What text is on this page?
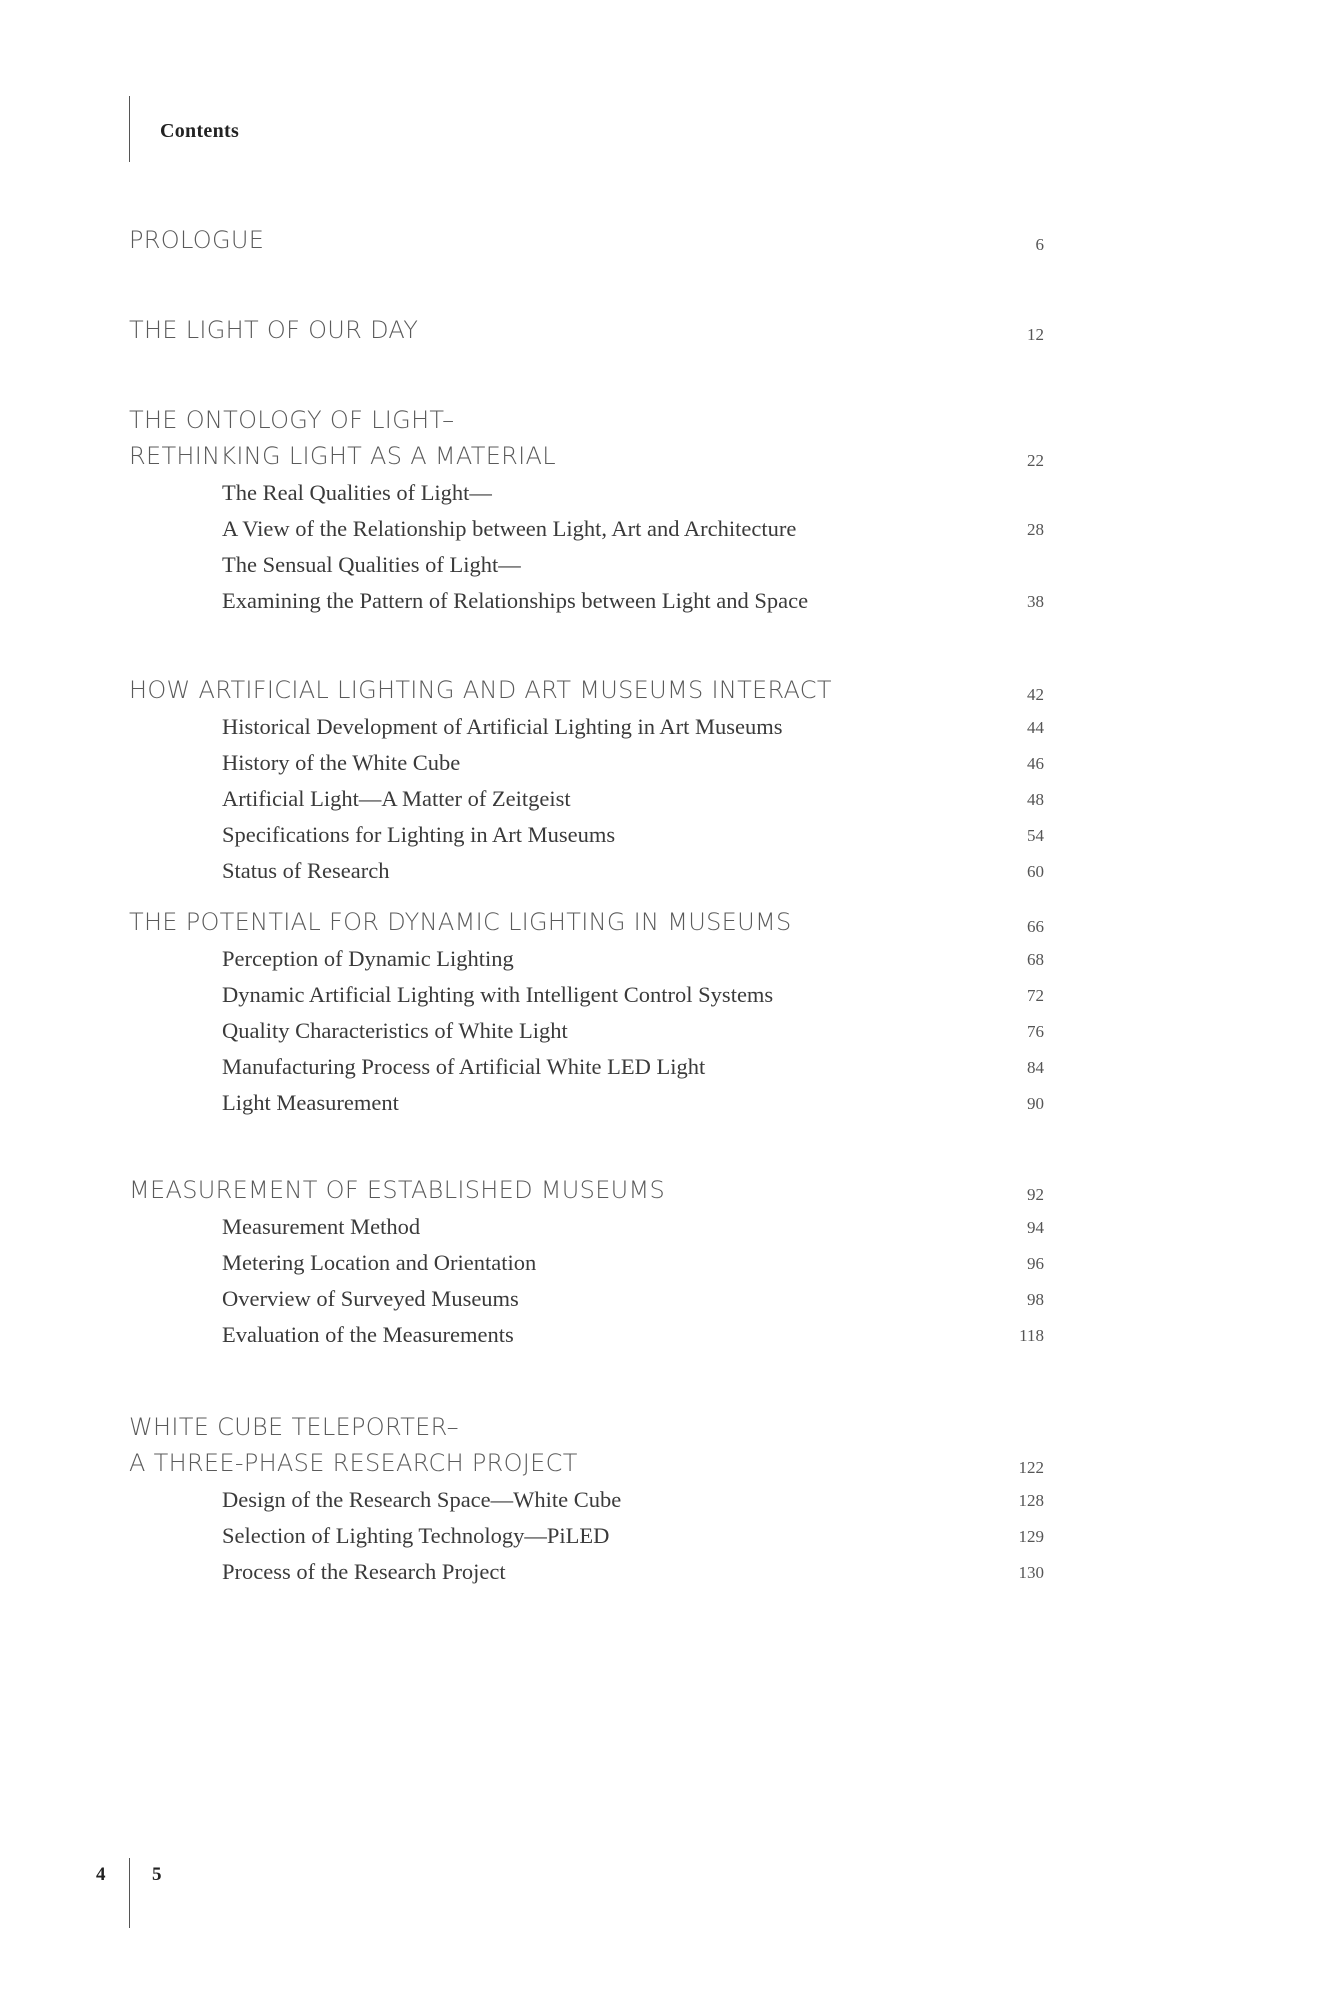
Contents
PROLOGUE	6
THE LIGHT OF OUR DAY	12
THE ONTOLOGY OF LIGHT–
RETHINKING LIGHT AS A MATERIAL	22
The Real Qualities of Light—
A View of the Relationship between Light, Art and Architecture	28
The Sensual Qualities of Light—
Examining the Pattern of Relationships between Light and Space	38
HOW ARTIFICIAL LIGHTING AND ART MUSEUMS INTERACT	42
Historical Development of Artificial Lighting in Art Museums	44
History of the White Cube	46
Artificial Light—A Matter of Zeitgeist	48
Specifications for Lighting in Art Museums	54
Status of Research	60
THE POTENTIAL FOR DYNAMIC LIGHTING IN MUSEUMS	66
Perception of Dynamic Lighting	68
Dynamic Artificial Lighting with Intelligent Control Systems	72
Quality Characteristics of White Light	76
Manufacturing Process of Artificial White LED Light	84
Light Measurement	90
MEASUREMENT OF ESTABLISHED MUSEUMS	92
Measurement Method	94
Metering Location and Orientation	96
Overview of Surveyed Museums	98
Evaluation of the Measurements	118
WHITE CUBE TELEPORTER–
A THREE-PHASE RESEARCH PROJECT	122
Design of the Research Space—White Cube	128
Selection of Lighting Technology—PiLED	129
Process of the Research Project	130
4 5
